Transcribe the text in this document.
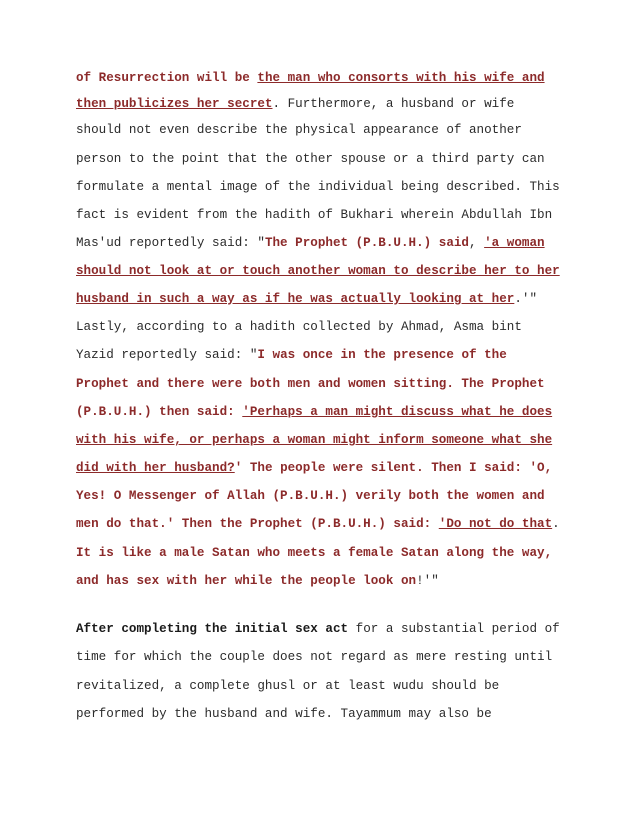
of Resurrection will be the man who consorts with his wife and
then publicizes her secret. Furthermore, a husband or wife
should not even describe the physical appearance of another
person to the point that the other spouse or a third party can
formulate a mental image of the individual being described. This
fact is evident from the hadith of Bukhari wherein Abdullah Ibn
Mas'ud reportedly said: "The Prophet (P.B.U.H.) said, 'a woman
should not look at or touch another woman to describe her to her
husband in such a way as if he was actually looking at her.'"
Lastly, according to a hadith collected by Ahmad, Asma bint
Yazid reportedly said: "I was once in the presence of the
Prophet and there were both men and women sitting. The Prophet
(P.B.U.H.) then said: 'Perhaps a man might discuss what he does
with his wife, or perhaps a woman might inform someone what she
did with her husband?' The people were silent. Then I said: 'O,
Yes! O Messenger of Allah (P.B.U.H.) verily both the women and
men do that.' Then the Prophet (P.B.U.H.) said: 'Do not do that.
It is like a male Satan who meets a female Satan along the way,
and has sex with her while the people look on!'"
After completing the initial sex act for a substantial period of
time for which the couple does not regard as mere resting until
revitalized, a complete ghusl or at least wudu should be
performed by the husband and wife. Tayammum may also be
